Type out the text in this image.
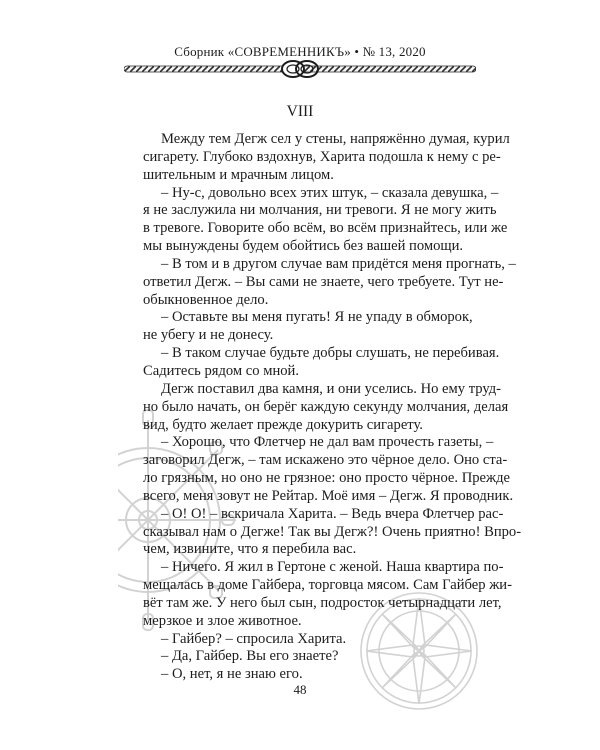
Сборник «СОВРЕМЕННИКЪ» • № 13, 2020
VIII
Между тем Дегж сел у стены, напряжённо думая, курил
сигарету. Глубоко вздохнув, Харита подошла к нему с ре-
шительным и мрачным лицом.
– Ну-с, довольно всех этих штук, – сказала девушка, –
я не заслужила ни молчания, ни тревоги. Я не могу жить
в тревоге. Говорите обо всём, во всём признайтесь, или же
мы вынуждены будем обойтись без вашей помощи.
– В том и в другом случае вам придётся меня прогнать, –
ответил Дегж. – Вы сами не знаете, чего требуете. Тут не-
обыкновенное дело.
– Оставьте вы меня пугать! Я не упаду в обморок,
не убегу и не донесу.
– В таком случае будьте добры слушать, не перебивая.
Садитесь рядом со мной.
Дегж поставил два камня, и они уселись. Но ему труд-
но было начать, он берёг каждую секунду молчания, делая
вид, будто желает прежде докурить сигарету.
– Хорошо, что Флетчер не дал вам прочесть газеты, –
заговорил Дегж, – там искажено это чёрное дело. Оно ста-
ло грязным, но оно не грязное: оно просто чёрное. Прежде
всего, меня зовут не Рейтар. Моё имя – Дегж. Я проводник.
– О! О! – вскричала Харита. – Ведь вчера Флетчер рас-
сказывал нам о Дегже! Так вы Дегж?! Очень приятно! Впро-
чем, извините, что я перебила вас.
– Ничего. Я жил в Гертоне с женой. Наша квартира по-
мещалась в доме Гайбера, торговца мясом. Сам Гайбер жи-
вёт там же. У него был сын, подросток четырнадцати лет,
мерзкое и злое животное.
– Гайбер? – спросила Харита.
– Да, Гайбер. Вы его знаете?
– О, нет, я не знаю его.
48
